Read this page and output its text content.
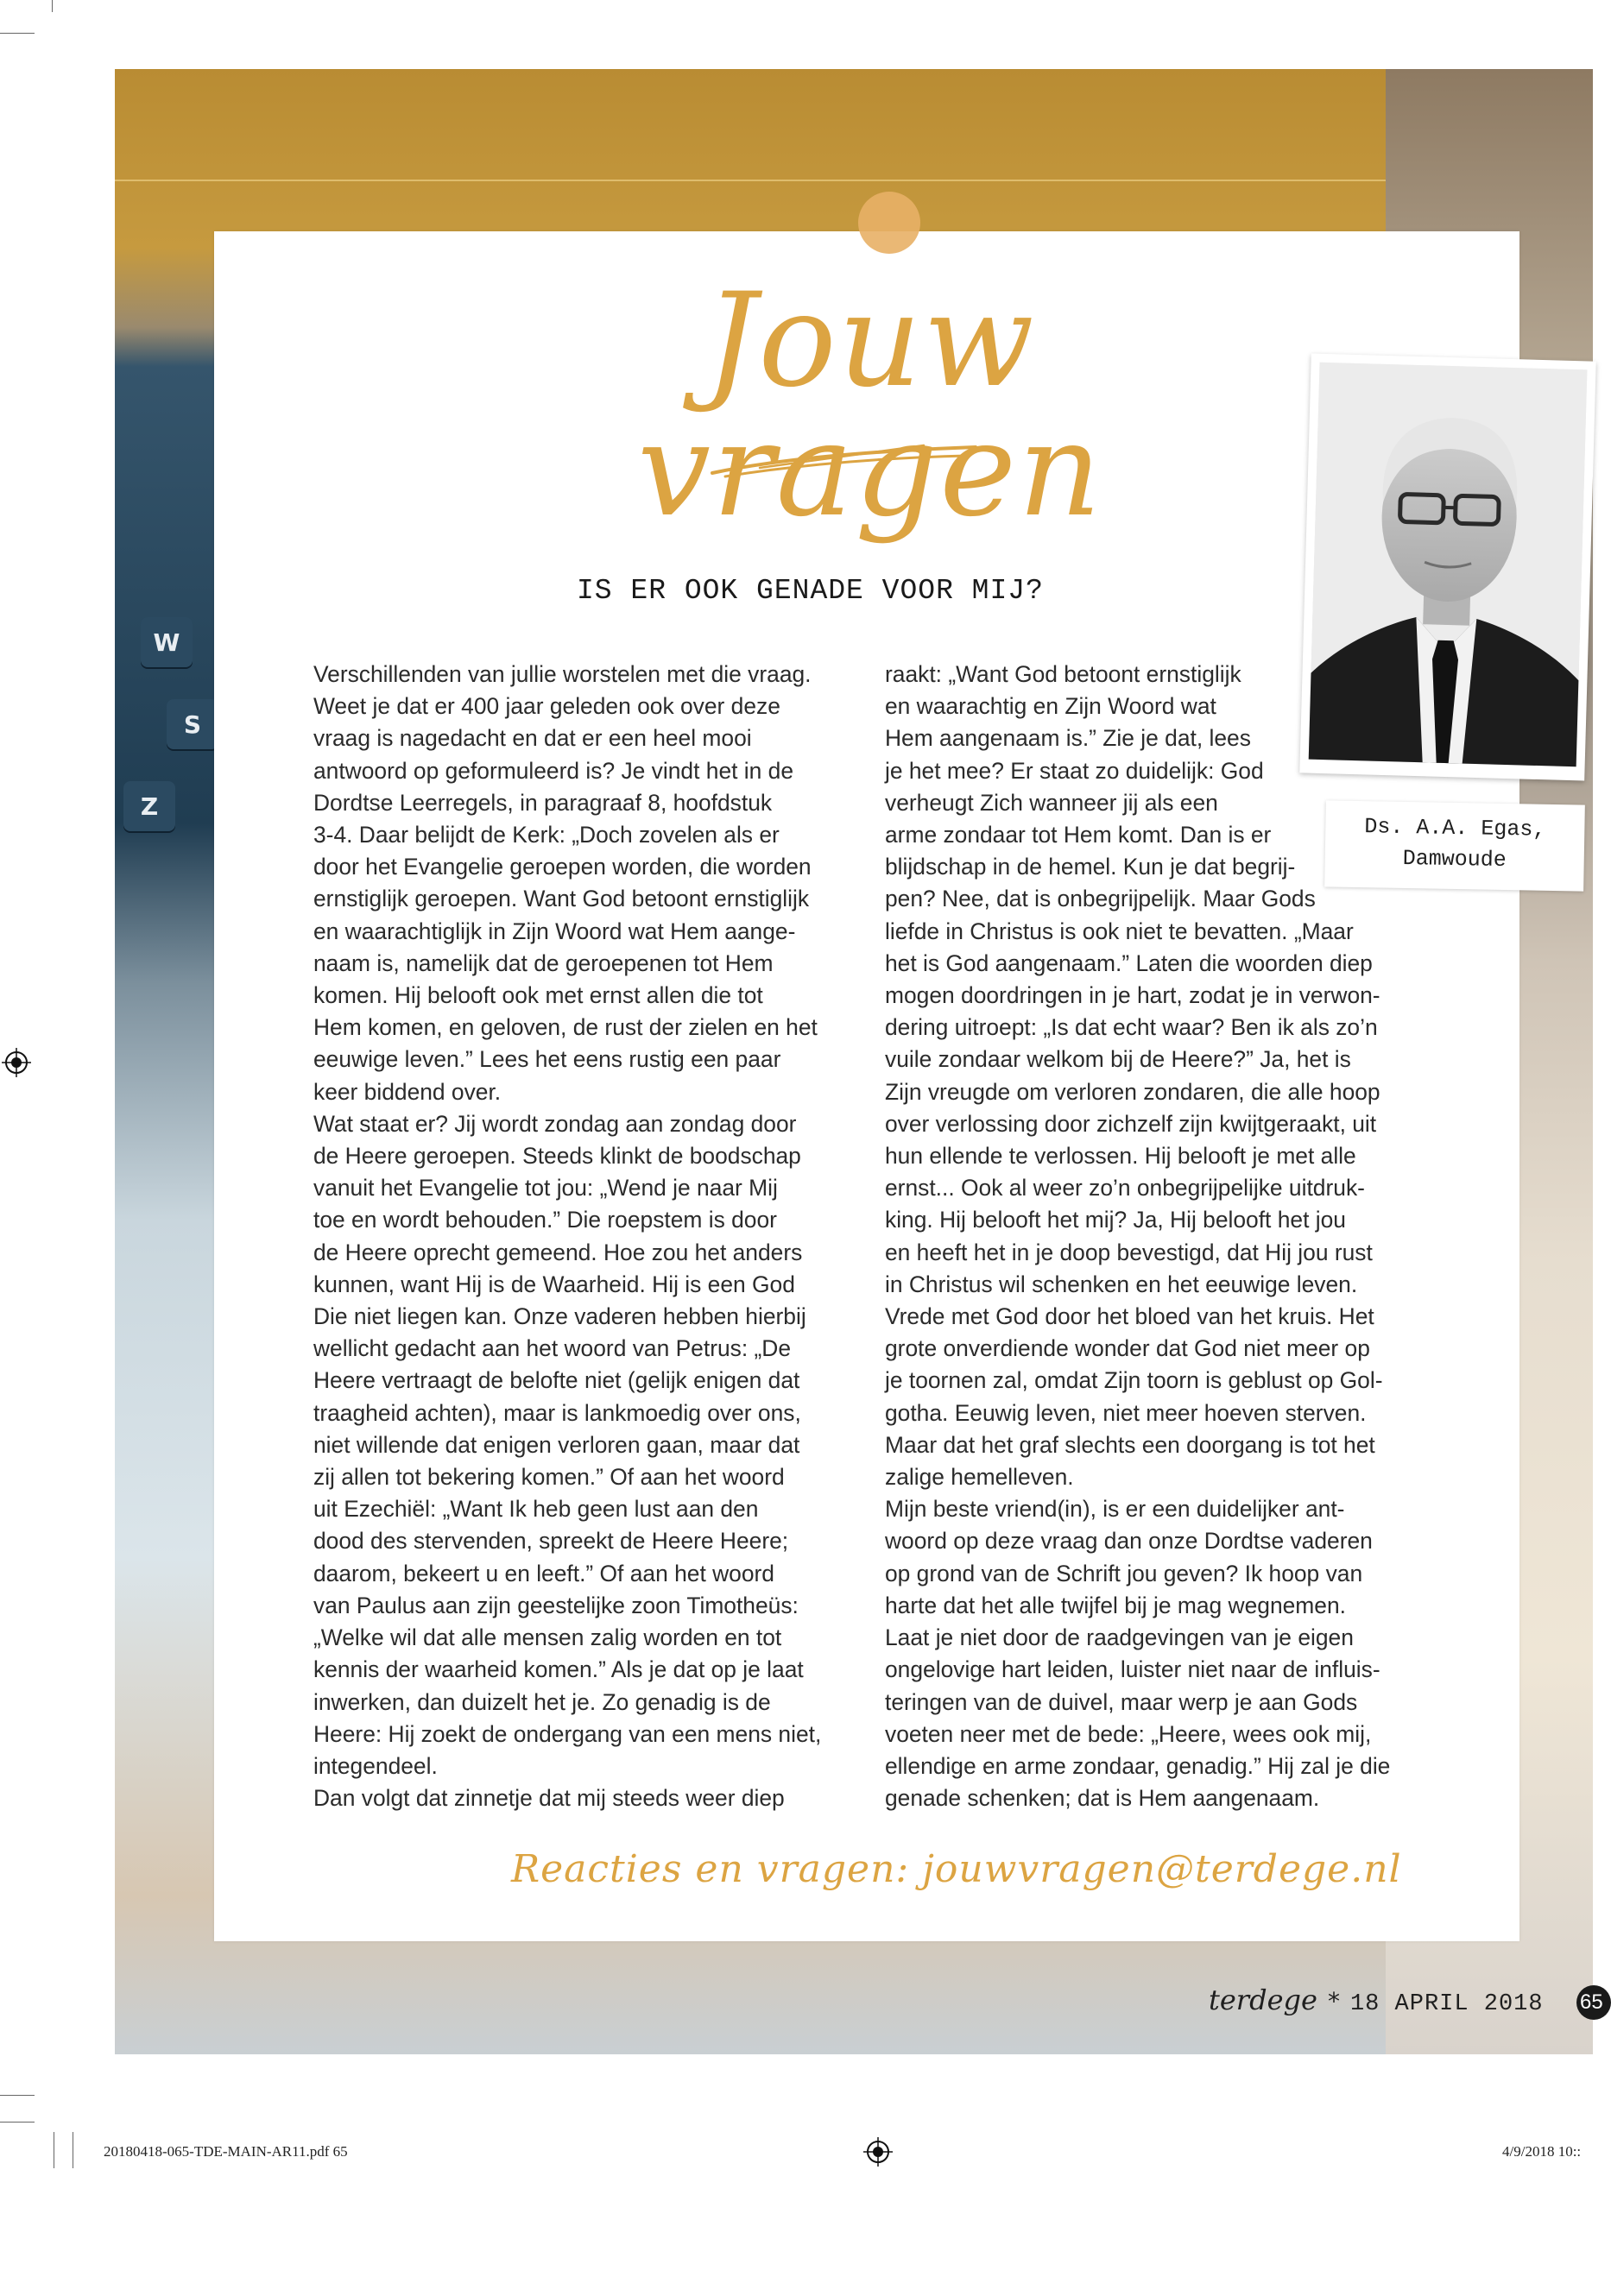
W
S
Z
Jouw vragen
IS ER OOK GENADE VOOR MIJ?
Verschillenden van jullie worstelen met die vraag.
Weet je dat er 400 jaar geleden ook over deze
vraag is nagedacht en dat er een heel mooi
antwoord op geformuleerd is? Je vindt het in de
Dordtse Leerregels, in paragraaf 8, hoofdstuk
3-4. Daar belijdt de Kerk: „Doch zovelen als er
door het Evangelie geroepen worden, die worden
ernstiglijk geroepen. Want God betoont ernstiglijk
en waarachtiglijk in Zijn Woord wat Hem aange-
naam is, namelijk dat de geroepenen tot Hem
komen. Hij belooft ook met ernst allen die tot
Hem komen, en geloven, de rust der zielen en het
eeuwige leven.” Lees het eens rustig een paar
keer biddend over.
Wat staat er? Jij wordt zondag aan zondag door
de Heere geroepen. Steeds klinkt de boodschap
vanuit het Evangelie tot jou: „Wend je naar Mij
toe en wordt behouden.” Die roepstem is door
de Heere oprecht gemeend. Hoe zou het anders
kunnen, want Hij is de Waarheid. Hij is een God
Die niet liegen kan. Onze vaderen hebben hierbij
wellicht gedacht aan het woord van Petrus: „De
Heere vertraagt de belofte niet (gelijk enigen dat
traagheid achten), maar is lankmoedig over ons,
niet willende dat enigen verloren gaan, maar dat
zij allen tot bekering komen.” Of aan het woord
uit Ezechiël: „Want Ik heb geen lust aan den
dood des stervenden, spreekt de Heere Heere;
daarom, bekeert u en leeft.” Of aan het woord
van Paulus aan zijn geestelijke zoon Timotheüs:
„Welke wil dat alle mensen zalig worden en tot
kennis der waarheid komen.” Als je dat op je laat
inwerken, dan duizelt het je. Zo genadig is de
Heere: Hij zoekt de ondergang van een mens niet,
integendeel.
Dan volgt dat zinnetje dat mij steeds weer diep
raakt: „Want God betoont ernstiglijk
en waarachtig en Zijn Woord wat
Hem aangenaam is.” Zie je dat, lees
je het mee? Er staat zo duidelijk: God
verheugt Zich wanneer jij als een
arme zondaar tot Hem komt. Dan is er
blijdschap in de hemel. Kun je dat begrij-
pen? Nee, dat is onbegrijpelijk. Maar Gods
liefde in Christus is ook niet te bevatten. „Maar
het is God aangenaam.” Laten die woorden diep
mogen doordringen in je hart, zodat je in verwon-
dering uitroept: „Is dat echt waar? Ben ik als zo’n
vuile zondaar welkom bij de Heere?” Ja, het is
Zijn vreugde om verloren zondaren, die alle hoop
over verlossing door zichzelf zijn kwijtgeraakt, uit
hun ellende te verlossen. Hij belooft je met alle
ernst... Ook al weer zo’n onbegrijpelijke uitdruk-
king. Hij belooft het mij? Ja, Hij belooft het jou
en heeft het in je doop bevestigd, dat Hij jou rust
in Christus wil schenken en het eeuwige leven.
Vrede met God door het bloed van het kruis. Het
grote onverdiende wonder dat God niet meer op
je toornen zal, omdat Zijn toorn is geblust op Gol-
gotha. Eeuwig leven, niet meer hoeven sterven.
Maar dat het graf slechts een doorgang is tot het
zalige hemelleven.
Mijn beste vriend(in), is er een duidelijker ant-
woord op deze vraag dan onze Dordtse vaderen
op grond van de Schrift jou geven? Ik hoop van
harte dat het alle twijfel bij je mag wegnemen.
Laat je niet door de raadgevingen van je eigen
ongelovige hart leiden, luister niet naar de influis-
teringen van de duivel, maar werp je aan Gods
voeten neer met de bede: „Heere, wees ook mij,
ellendige en arme zondaar, genadig.” Hij zal je die
genade schenken; dat is Hem aangenaam.
Ds. A.A. Egas,
Damwoude
Reacties en vragen: jouwvragen@terdege.nl
terdege * 18 APRIL 2018 65
20180418-065-TDE-MAIN-AR11.pdf 65	4/9/2018 10::
